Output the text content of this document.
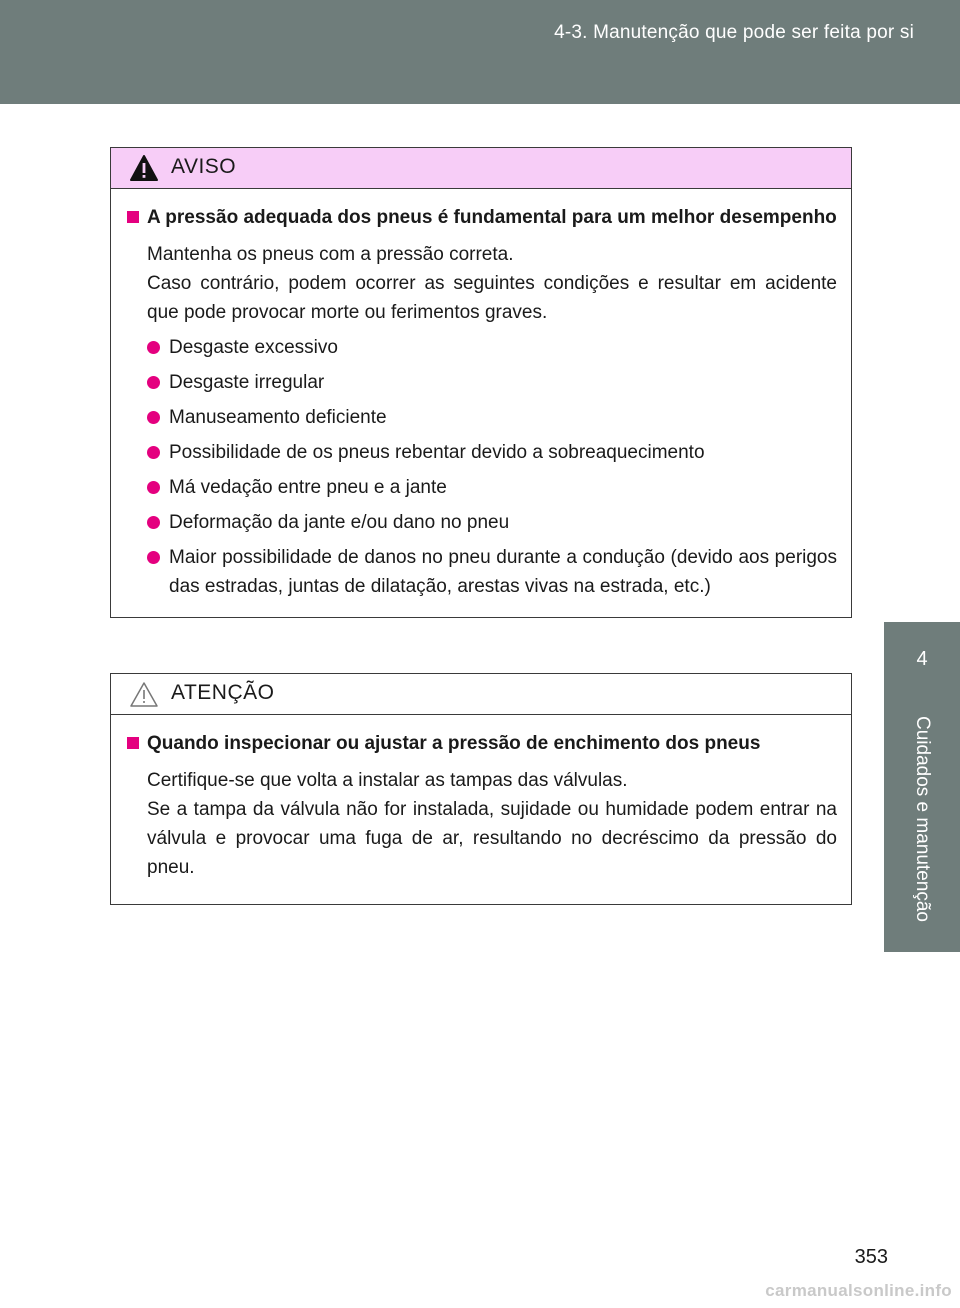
4-3. Manutenção que pode ser feita por si
4
Cuidados e manutenção
AVISO
A pressão adequada dos pneus é fundamental para um melhor desempenho

Mantenha os pneus com a pressão correta.

Caso contrário, podem ocorrer as seguintes condições e resultar em acidente que pode provocar morte ou ferimentos graves.

Desgaste excessivo
Desgaste irregular
Manuseamento deficiente
Possibilidade de os pneus rebentar devido a sobreaquecimento
Má vedação entre pneu e a jante
Deformação da jante e/ou dano no pneu
Maior possibilidade de danos no pneu durante a condução (devido aos perigos das estradas, juntas de dilatação, arestas vivas na estrada, etc.)
ATENÇÃO
Quando inspecionar ou ajustar a pressão de enchimento dos pneus

Certifique-se que volta a instalar as tampas das válvulas.

Se a tampa da válvula não for instalada, sujidade ou humidade podem entrar na válvula e provocar uma fuga de ar, resultando no decréscimo da pressão do pneu.

353
carmanualsonline.info
